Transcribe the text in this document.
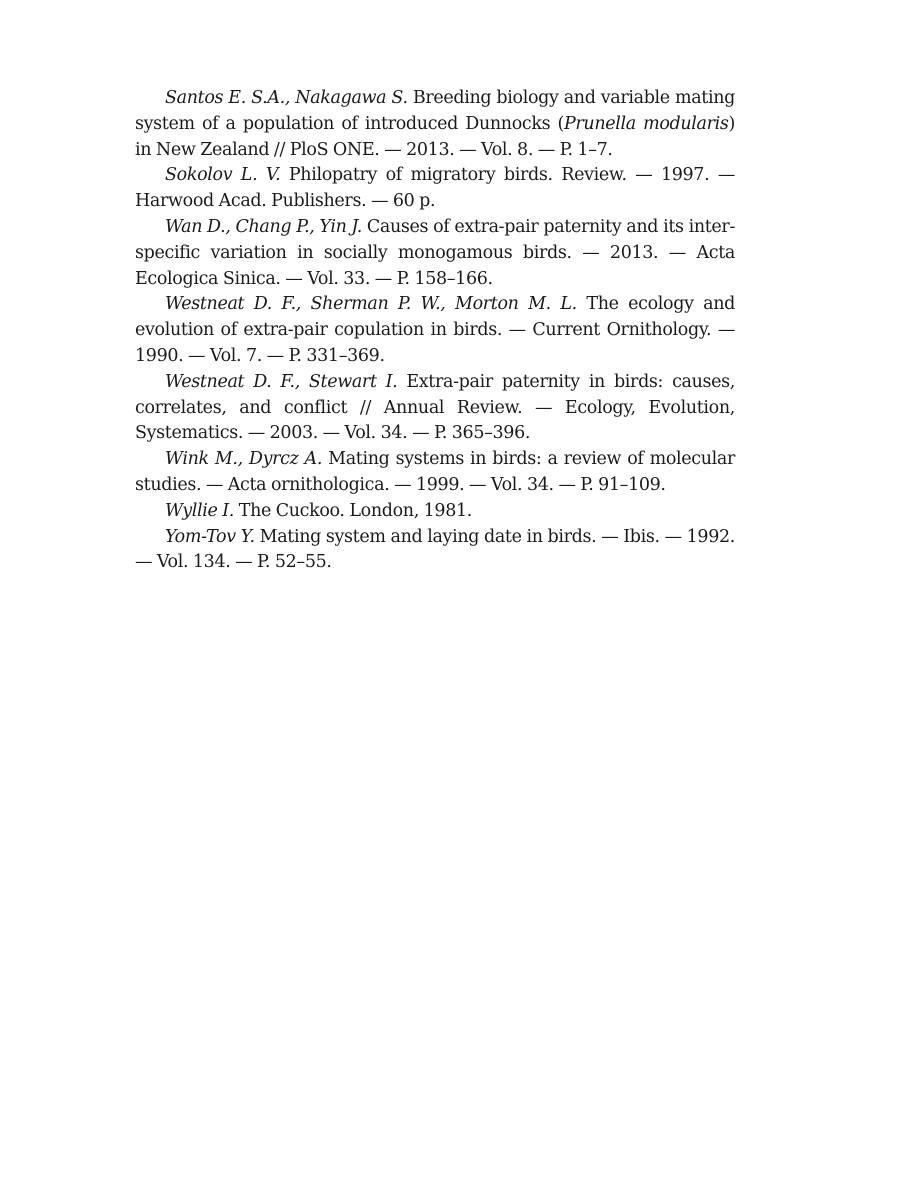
Santos E. S.A., Nakagawa S. Breeding biology and variable mating system of a population of introduced Dunnocks (Prunella modularis) in New Zealand // PloS ONE. — 2013. — Vol. 8. — P. 1–7.

Sokolov L. V. Philopatry of migratory birds. Review. — 1997. — Harwood Acad. Publishers. — 60 p.

Wan D., Chang P., Yin J. Causes of extra-pair paternity and its inter-specific variation in socially monogamous birds. — 2013. — Acta Ecologica Sinica. — Vol. 33. — P. 158–166.

Westneat D. F., Sherman P. W., Morton M. L. The ecology and evolution of extra-pair copulation in birds. — Current Ornithology. — 1990. — Vol. 7. — P. 331–369.

Westneat D. F., Stewart I. Extra-pair paternity in birds: causes, correlates, and conflict // Annual Review. — Ecology, Evolution, Systematics. — 2003. — Vol. 34. — P. 365–396.

Wink M., Dyrcz A. Mating systems in birds: a review of molecular studies. — Acta ornithologica. — 1999. — Vol. 34. — P. 91–109.

Wyllie I. The Cuckoo. London, 1981.

Yom-Tov Y. Mating system and laying date in birds. — Ibis. — 1992. — Vol. 134. — P. 52–55.
